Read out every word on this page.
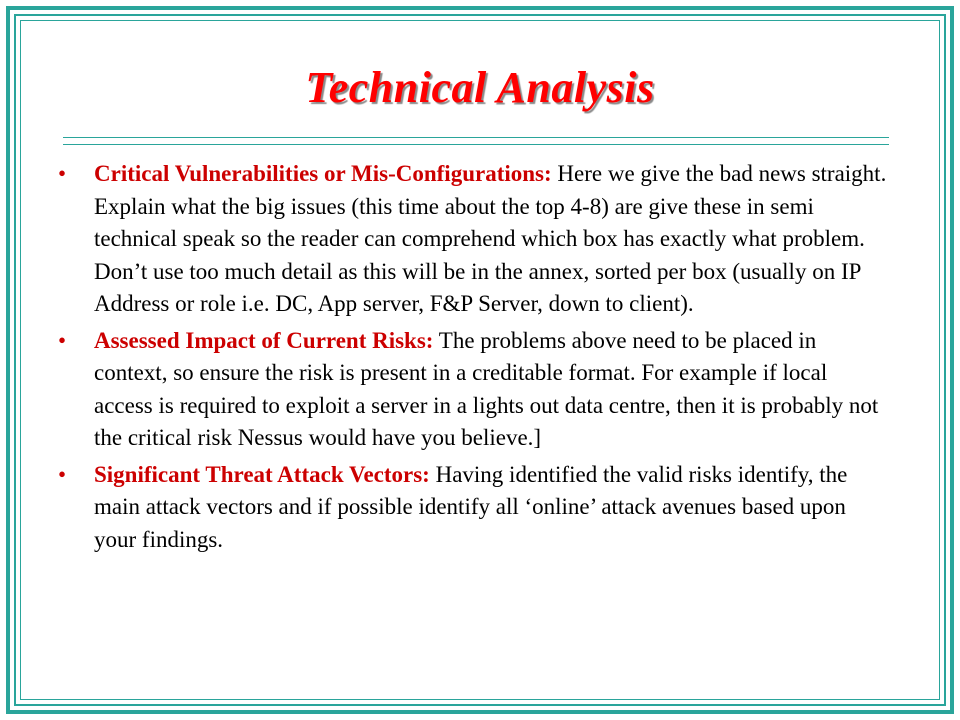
Technical Analysis
•	Critical Vulnerabilities or Mis-Configurations: Here we give the bad news straight. Explain what the big issues (this time about the top 4-8) are give these in semi technical speak so the reader can comprehend which box has exactly what problem. Don’t use too much detail as this will be in the annex, sorted per box (usually on IP Address or role i.e. DC, App server, F&P Server, down to client).
•	Assessed Impact of Current Risks: The problems above need to be placed in context, so ensure the risk is present in a creditable format. For example if local access is required to exploit a server in a lights out data centre, then it is probably not the critical risk Nessus would have you believe.]
•	Significant Threat Attack Vectors: Having identified the valid risks identify, the main attack vectors and if possible identify all ‘online’ attack avenues based upon your findings.
